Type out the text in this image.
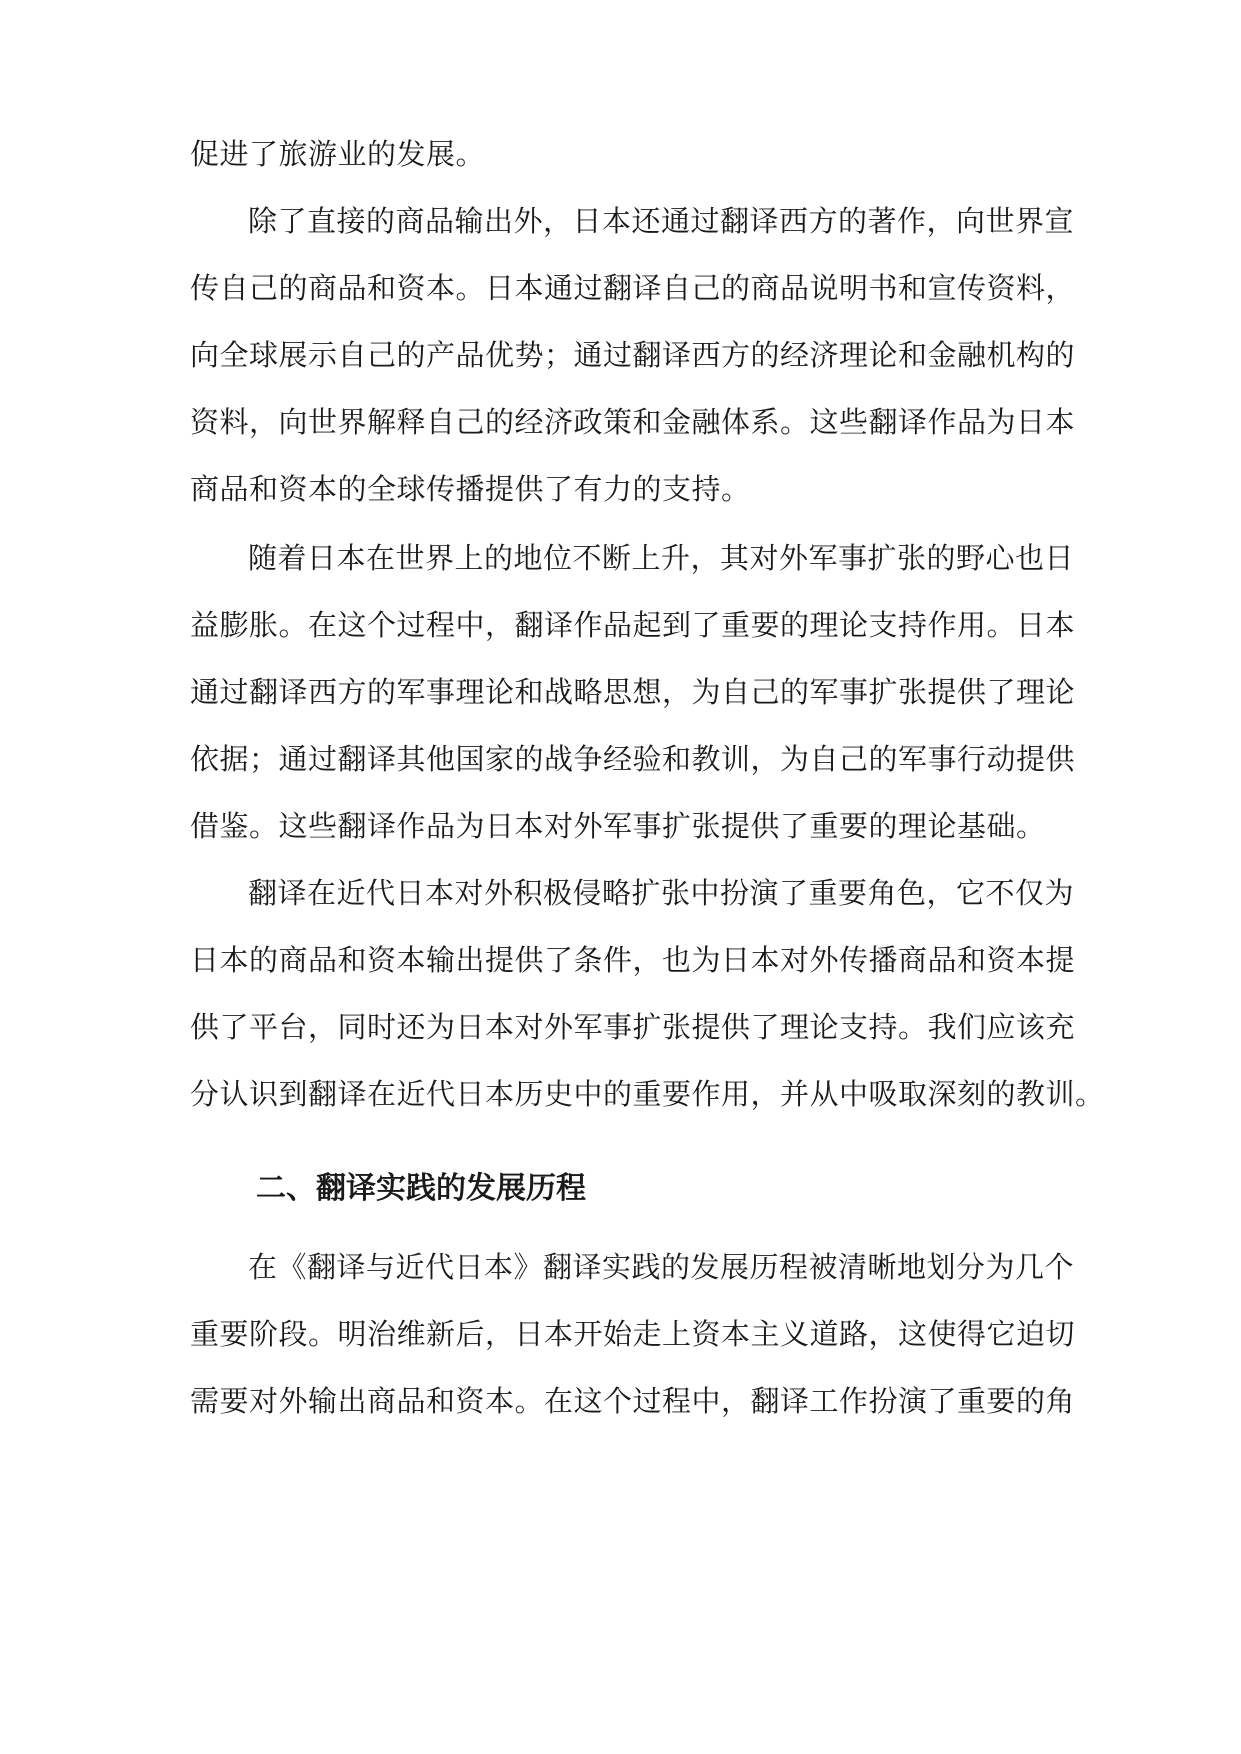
促进了旅游业的发展。
除了直接的商品输出外，日本还通过翻译西方的著作，向世界宣
传自己的商品和资本。日本通过翻译自己的商品说明书和宣传资料，
向全球展示自己的产品优势；通过翻译西方的经济理论和金融机构的
资料，向世界解释自己的经济政策和金融体系。这些翻译作品为日本
商品和资本的全球传播提供了有力的支持。
随着日本在世界上的地位不断上升，其对外军事扩张的野心也日
益膨胀。在这个过程中，翻译作品起到了重要的理论支持作用。日本
通过翻译西方的军事理论和战略思想，为自己的军事扩张提供了理论
依据；通过翻译其他国家的战争经验和教训，为自己的军事行动提供
借鉴。这些翻译作品为日本对外军事扩张提供了重要的理论基础。
翻译在近代日本对外积极侵略扩张中扮演了重要角色，它不仅为
日本的商品和资本输出提供了条件，也为日本对外传播商品和资本提
供了平台，同时还为日本对外军事扩张提供了理论支持。我们应该充
分认识到翻译在近代日本历史中的重要作用，并从中吸取深刻的教训。
二、翻译实践的发展历程
在《翻译与近代日本》翻译实践的发展历程被清晰地划分为几个
重要阶段。明治维新后，日本开始走上资本主义道路，这使得它迫切
需要对外输出商品和资本。在这个过程中，翻译工作扮演了重要的角
